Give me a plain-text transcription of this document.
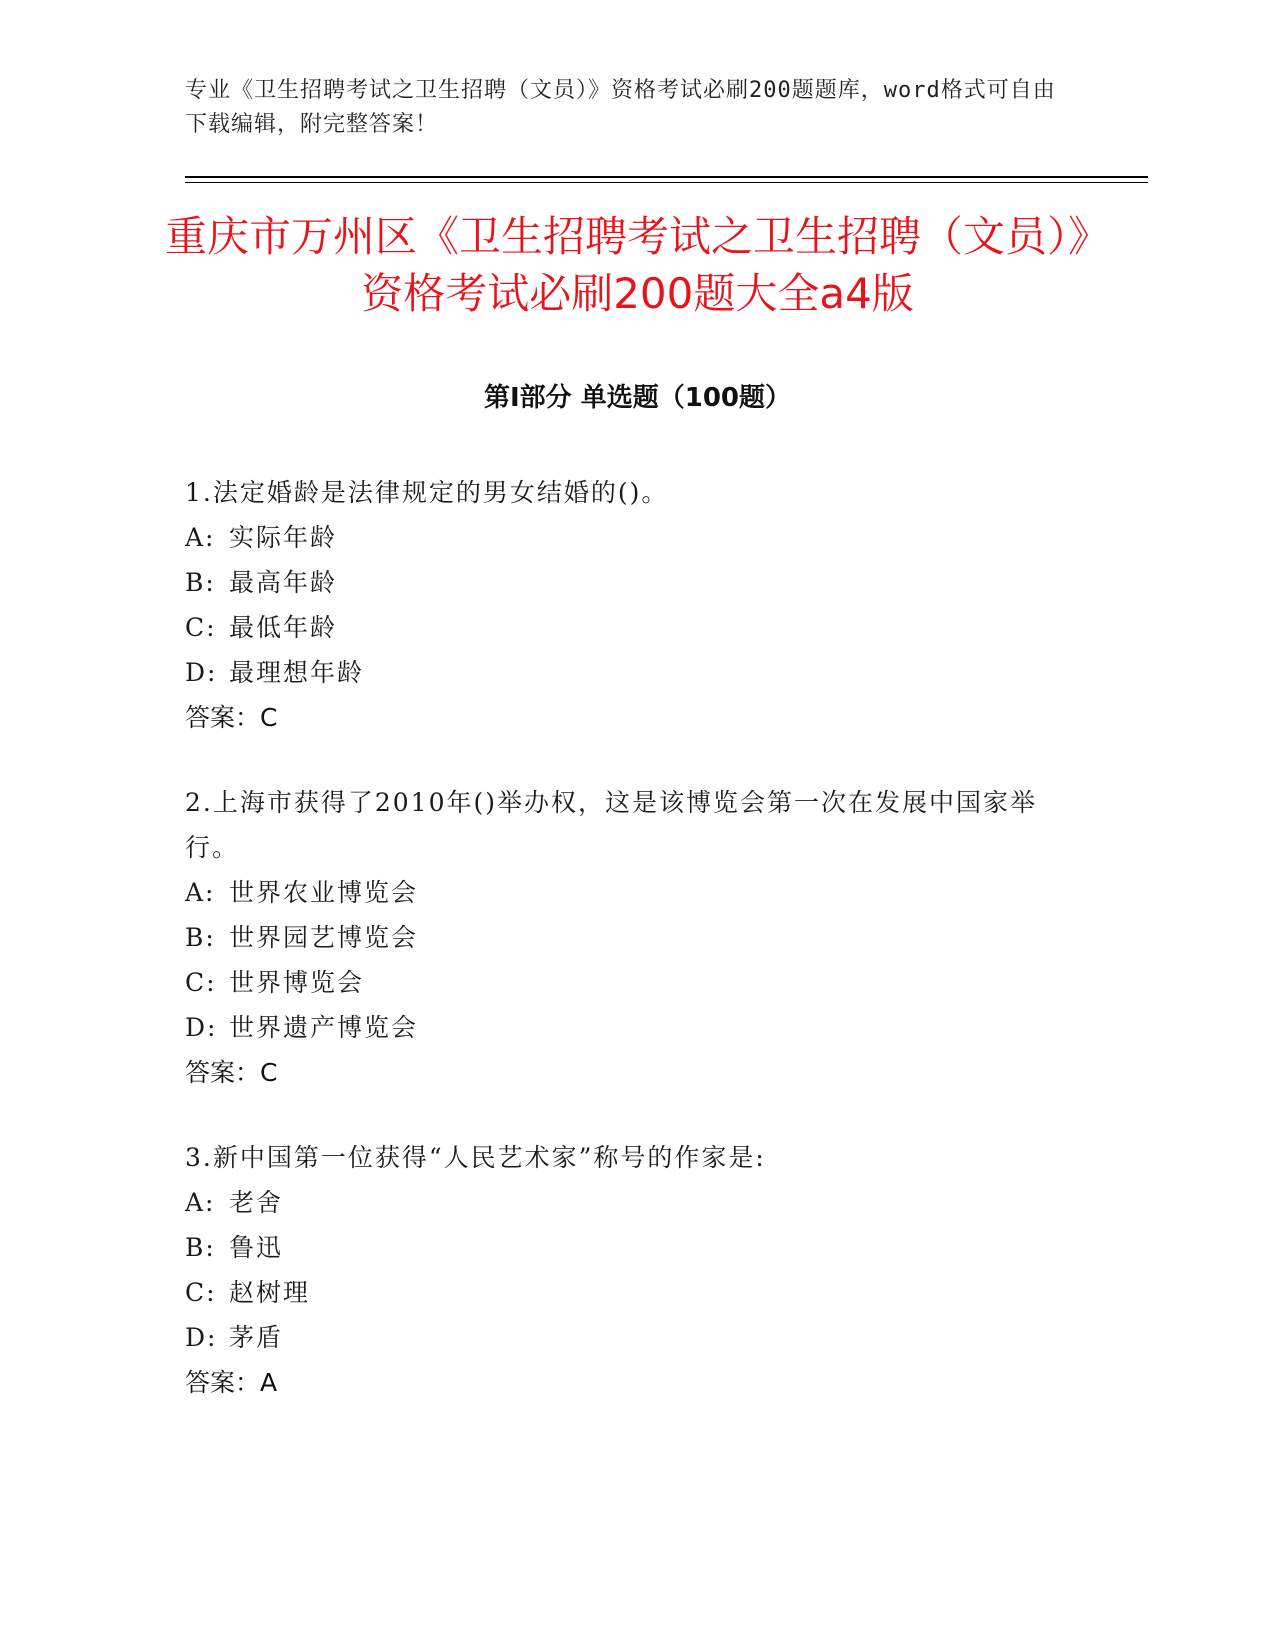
专业《卫生招聘考试之卫生招聘（文员）》资格考试必刷200题题库，word格式可自由下载编辑，附完整答案！
重庆市万州区《卫生招聘考试之卫生招聘（文员）》资格考试必刷200题大全a4版
第Ⅰ部分 单选题（100题）
1.法定婚龄是法律规定的男女结婚的()。
A: 实际年龄
B: 最高年龄
C: 最低年龄
D: 最理想年龄
答案：C
2.上海市获得了2010年()举办权，这是该博览会第一次在发展中国家举行。
A: 世界农业博览会
B: 世界园艺博览会
C: 世界博览会
D: 世界遗产博览会
答案：C
3.新中国第一位获得“人民艺术家”称号的作家是:
A: 老舍
B: 鲁迅
C: 赵树理
D: 茅盾
答案：A
